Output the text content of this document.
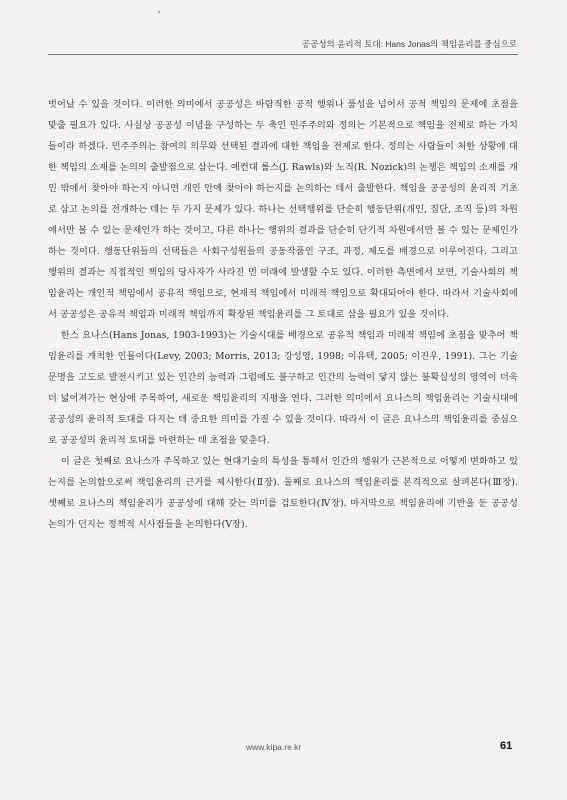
공공성의 윤리적 토대: Hans Jonas의 책임윤리를 중심으로

벗어날 수 있을 것이다. 이러한 의미에서 공공성은 바람직한 공적 행위나 품성을 넘어서 공적 책임의 문제에 초점을 맞출 필요가 있다. 사실상 공공성 이념을 구성하는 두 축인 민주주의와 정의는 기본적으로 책임을 전제로 하는 가치들이라 하겠다. 민주주의는 참여의 의무와 선택된 결과에 대한 책임을 전제로 한다. 정의는 사람들이 처한 상황에 대한 책임의 소재를 논의의 출발점으로 삼는다. 예컨대 롤스(J. Rawls)와 노직(R. Nozick)의 논쟁은 책임의 소재를 개인 밖에서 찾아야 하는지 아니면 개인 안에 찾아야 하는지를 논의하는 데서 출발한다. 책임을 공공성의 윤리적 기초로 삼고 논의를 전개하는 데는 두 가지 문제가 있다. 하나는 선택행위를 단순히 행동단위(개인, 집단, 조직 등)의 차원에서만 볼 수 있는 문제인가 하는 것이고, 다른 하나는 행위의 결과를 단순히 단기적 차원에서만 볼 수 있는 문제인가 하는 것이다. 행동단위들의 선택들은 사회구성원들의 공동작품인 구조, 과정, 제도를 배경으로 이루어진다. 그리고 행위의 결과는 직접적인 책임의 당사자가 사라진 먼 미래에 발생할 수도 있다. 이러한 측면에서 보면, 기술사회의 책임윤리는 개인적 책임에서 공유적 책임으로, 현재적 책임에서 미래적 책임으로 확대되어야 한다. 따라서 기술사회에서 공공성은 공유적 책임과 미래적 책임까지 확장된 책임윤리를 그 토대로 삼을 필요가 있을 것이다.

한스 요나스(Hans Jonas, 1903-1993)는 기술시대를 배경으로 공유적 책임과 미래적 책임에 초점을 맞추어 책임윤리를 개척한 인물이다(Levy, 2003; Morris, 2013; 강성영, 1998; 이유택, 2005; 이진우, 1991). 그는 기술문명을 고도로 발전시키고 있는 인간의 능력과 그럼에도 불구하고 인간의 능력이 닿지 않는 불확실성의 영역이 더욱더 넓어져가는 현상에 주목하여, 새로운 책임윤리의 지평을 연다. 그러한 의미에서 요나스의 책임윤리는 기술시대에 공공성의 윤리적 토대를 다지는 데 중요한 의미를 가질 수 있을 것이다. 따라서 이 글은 요나스의 책임윤리를 중심으로 공공성의 윤리적 토대를 마련하는 데 초점을 맞춘다.

이 글은 첫째로 요나스가 주목하고 있는 현대기술의 특성을 통해서 인간의 행위가 근본적으로 어떻게 변화하고 있는지를 논의함으로써 책임윤리의 근거를 제시한다(Ⅱ장). 둘째로 요나스의 책임윤리를 본격적으로 살펴본다(Ⅲ장). 셋째로 요나스의 책임윤리가 공공성에 대해 갖는 의미를 검토한다(Ⅳ장). 마지막으로 책임윤리에 기반을 둔 공공성 논의가 던지는 정책적 시사점들을 논의한다(Ⅴ장).

www.kipa.re.kr	61
